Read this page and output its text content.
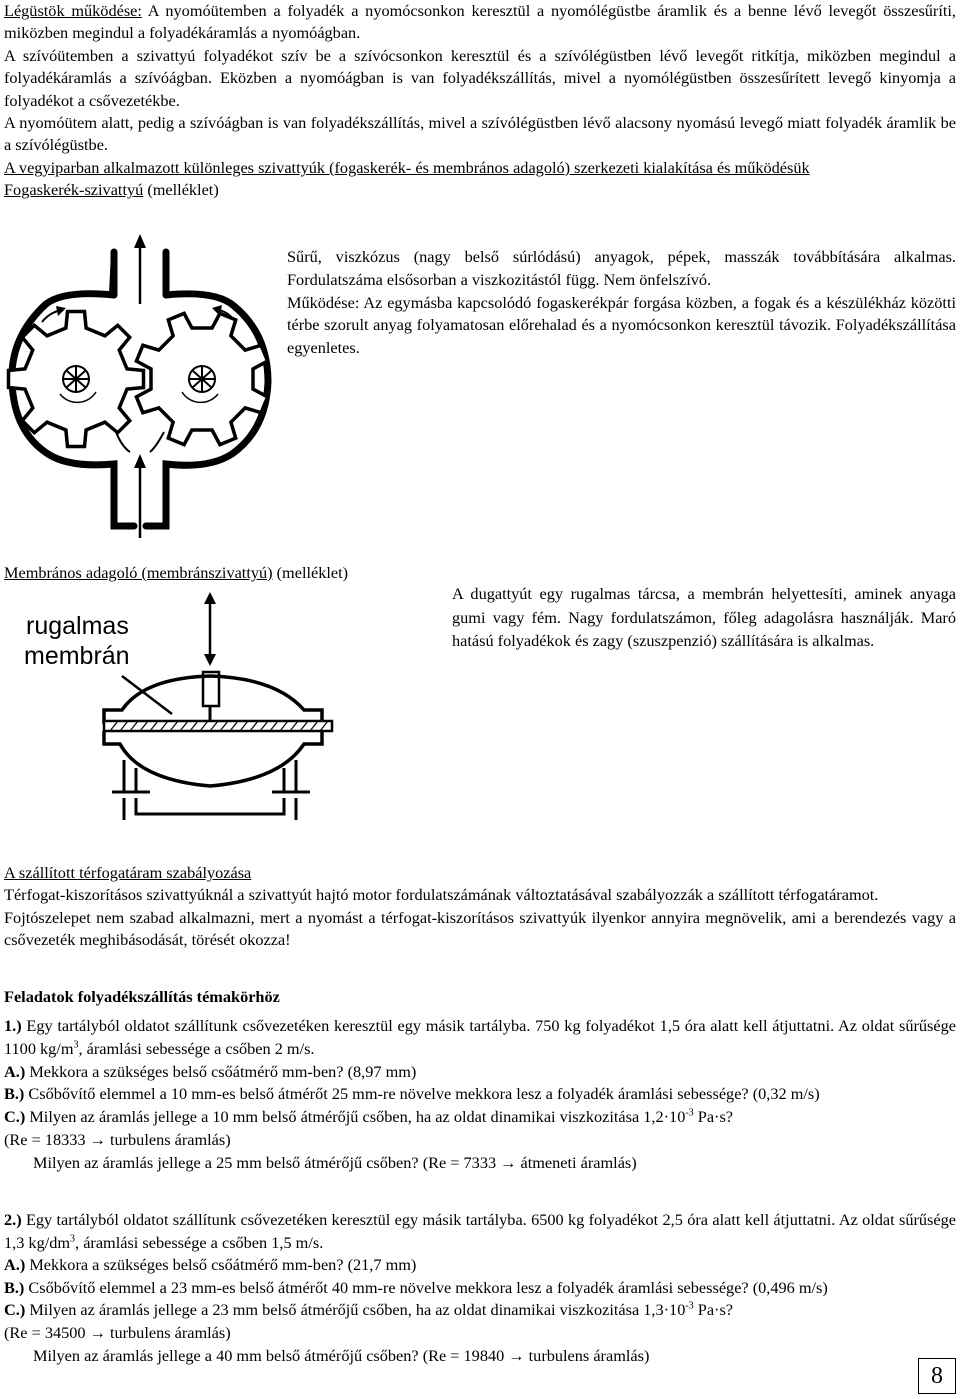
Légüstök működése: A nyomóütemben a folyadék a nyomócsonkon keresztül a nyomólégüstbe áramlik és a benne lévő levegőt összesűríti, miközben megindul a folyadékáramlás a nyomóágban.

A szívóütemben a szivattyú folyadékot szív be a szívócsonkon keresztül és a szívólégüstben lévő levegőt ritkítja, miközben megindul a folyadékáramlás a szívóágban. Eközben a nyomóágban is van folyadékszállítás, mivel a nyomólégüstben összesűrített levegő kinyomja a folyadékot a csővezetékbe.

A nyomóütem alatt, pedig a szívóágban is van folyadékszállítás, mivel a szívólégüstben lévő alacsony nyomású levegő miatt folyadék áramlik be a szívólégüstbe.

A vegyiparban alkalmazott különleges szivattyúk (fogaskerék- és membrános adagoló) szerkezeti kialakítása és működésük

Fogaskerék-szivattyú (melléklet)

Sűrű, viszkózus (nagy belső súrlódású) anyagok, pépek, masszák továbbítására alkalmas. Fordulatszáma elsősorban a viszkozitástól függ. Nem önfelszívó.

Működése: Az egymásba kapcsolódó fogaskerékpár forgása közben, a fogak és a készülékház közötti térbe szorult anyag folyamatosan előrehalad és a nyomócsonkon keresztül távozik. Folyadékszállítása egyenletes.

Membrános adagoló (membránszivattyú) (melléklet)
rugalmas
membrán

A dugattyút egy rugalmas tárcsa, a membrán helyettesíti, aminek anyaga gumi vagy fém. Nagy fordulatszámon, főleg adagolásra használják. Maró hatású folyadékok és zagy (szuszpenzió) szállítására is alkalmas.

A szállított térfogatáram szabályozása

Térfogat-kiszorításos szivattyúknál a szivattyút hajtó motor fordulatszámának változtatásával szabályozzák a szállított térfogatáramot.

Fojtószelepet nem szabad alkalmazni, mert a nyomást a térfogat-kiszorításos szivattyúk ilyenkor annyira megnövelik, ami a berendezés vagy a csővezeték meghibásodását, törését okozza!

Feladatok folyadékszállítás témakörhöz

1.) Egy tartályból oldatot szállítunk csővezetéken keresztül egy másik tartályba. 750 kg folyadékot 1,5 óra alatt kell átjuttatni. Az oldat sűrűsége 1100 $kg/m^3$, áramlási sebessége a csőben 2 m/s.

A.) Mekkora a szükséges belső csőátmérő mm-ben? (8,97 mm)

B.) Csőbővítő elemmel a 10 mm-es belső átmérőt 25 mm-re növelve mekkora lesz a folyadék áramlási sebessége? (0,32 m/s)

C.) Milyen az áramlás jellege a 10 mm belső átmérőjű csőben, ha az oldat dinamikai viszkozitása $1,2\cdot 10^{-3}$ Pa·s?

(Re = 18333 → turbulens áramlás)

Milyen az áramlás jellege a 25 mm belső átmérőjű csőben? (Re = 7333 → átmeneti áramlás)

2.) Egy tartályból oldatot szállítunk csővezetéken keresztül egy másik tartályba. 6500 kg folyadékot 2,5 óra alatt kell átjuttatni. Az oldat sűrűsége 1,3 $kg/dm^3$, áramlási sebessége a csőben 1,5 m/s.

A.) Mekkora a szükséges belső csőátmérő mm-ben? (21,7 mm)

B.) Csőbővítő elemmel a 23 mm-es belső átmérőt 40 mm-re növelve mekkora lesz a folyadék áramlási sebessége? (0,496 m/s)

C.) Milyen az áramlás jellege a 23 mm belső átmérőjű csőben, ha az oldat dinamikai viszkozitása $1,3\cdot 10^{-3}$ Pa·s?

(Re = 34500 → turbulens áramlás)

Milyen az áramlás jellege a 40 mm belső átmérőjű csőben? (Re = 19840 → turbulens áramlás)

8
